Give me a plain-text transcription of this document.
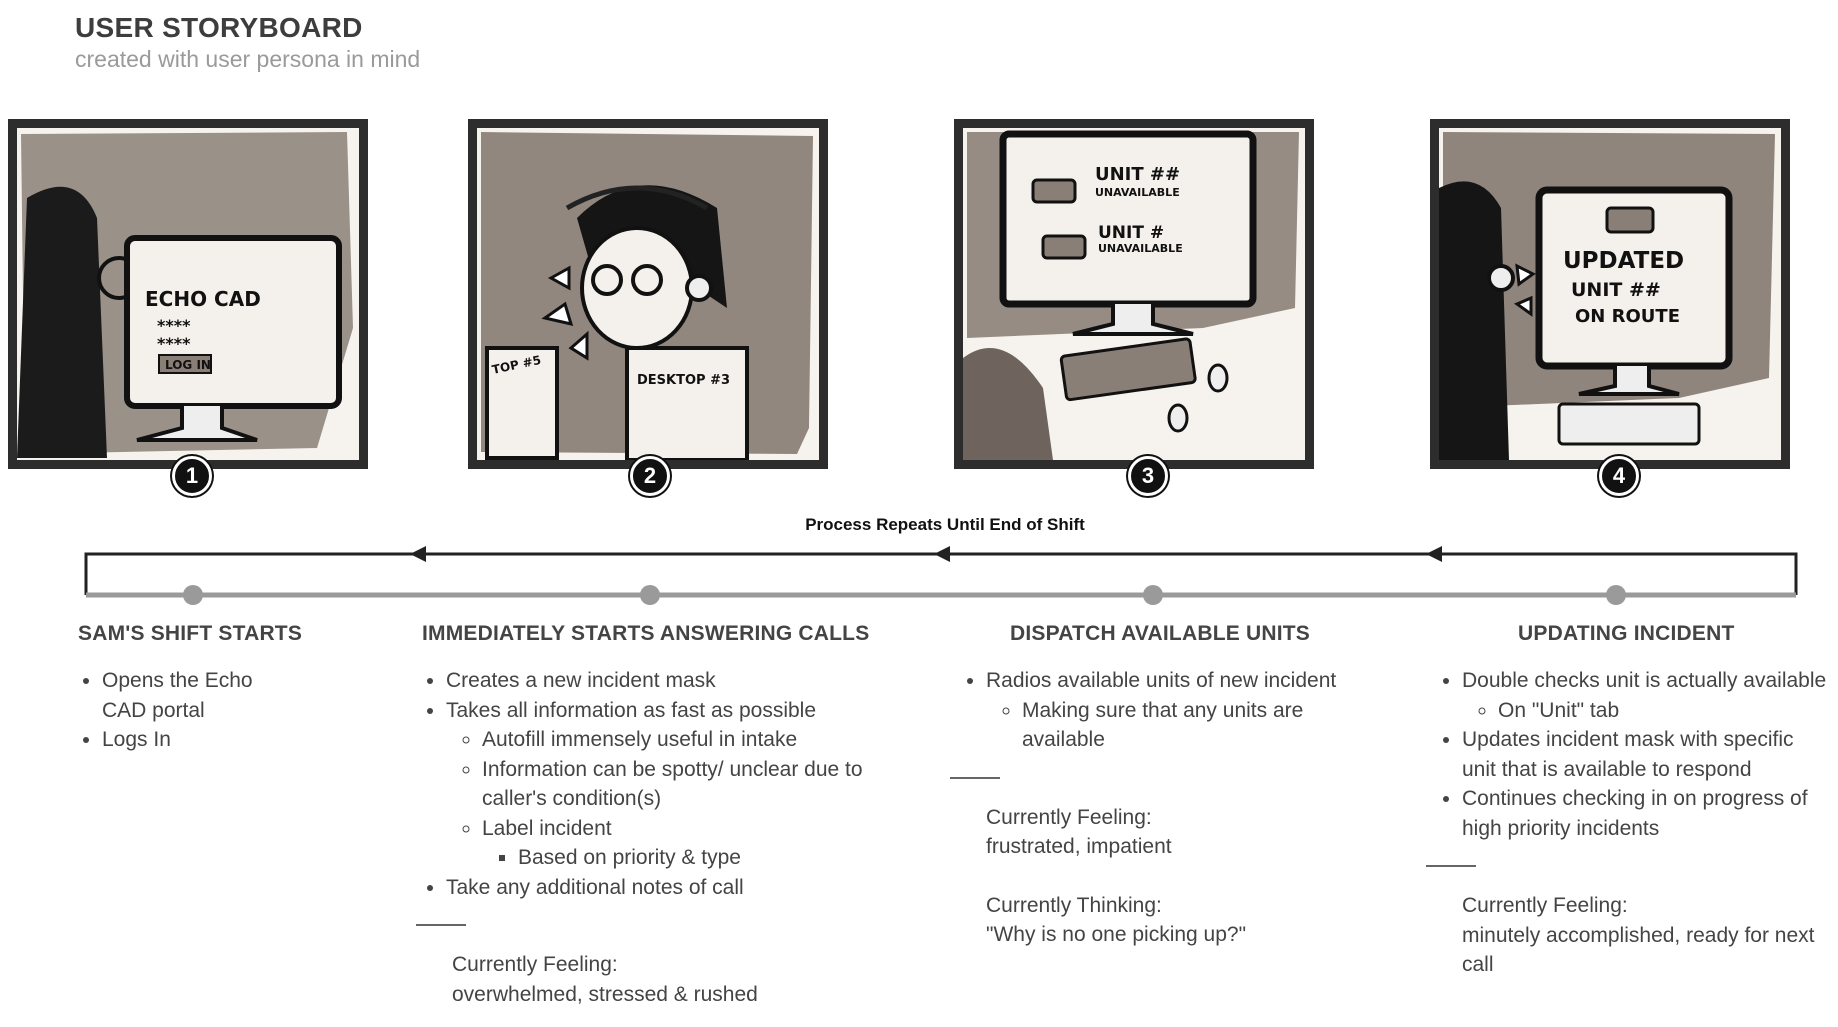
USER STORYBOARD
created with user persona in mind
ECHO CAD
****
****
LOG IN
1
TOP #5
DESKTOP #3
2
UNIT ##
UNAVAILABLE
UNIT #
UNAVAILABLE
3
UPDATED
UNIT ##
ON ROUTE
4
Process Repeats Until End of Shift
SAM'S SHIFT STARTS
• Opens the Echo
CAD portal
• Logs In
IMMEDIATELY STARTS ANSWERING CALLS
• Creates a new incident mask
• Takes all information as fast as possible
◦ Autofill immensely useful in intake
◦ Information can be spotty/ unclear due to
caller's condition(s)
◦ Label incident
▪ Based on priority & type
• Take any additional notes of call
Currently Feeling:
overwhelmed, stressed & rushed
DISPATCH AVAILABLE UNITS
• Radios available units of new incident
◦ Making sure that any units are
available
Currently Feeling:
frustrated, impatient
Currently Thinking:
"Why is no one picking up?"
UPDATING INCIDENT
• Double checks unit is actually available
◦ On "Unit" tab
• Updates incident mask with specific
unit that is available to respond
• Continues checking in on progress of
high priority incidents
Currently Feeling:
minutely accomplished, ready for next
call
